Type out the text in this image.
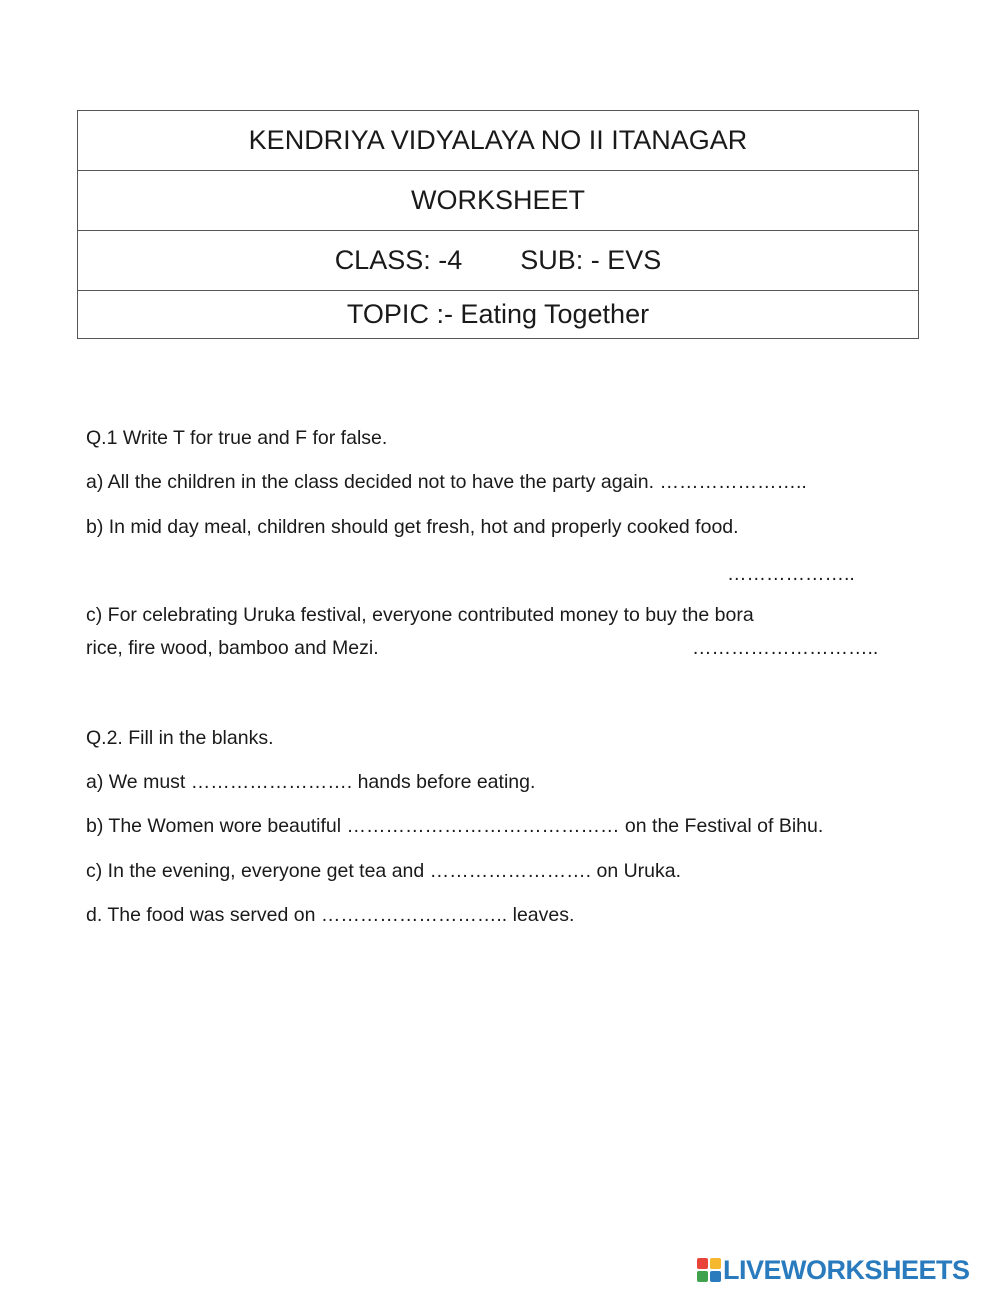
KENDRIYA VIDYALAYA NO II ITANAGAR
WORKSHEET
CLASS: -4 SUB: - EVS
TOPIC :- Eating Together
Q.1 Write T for true and F for false.
a) All the children in the class decided not to have the party again. …………………..
b) In mid day meal, children should get fresh, hot and properly cooked food.
………………..
c) For celebrating Uruka festival, everyone contributed money to buy the bora
rice, fire wood, bamboo and Mezi.	………………………..
Q.2. Fill in the blanks.
a) We must ……………………. hands before eating.
b) The Women wore beautiful …………………………………… on the Festival of Bihu.
c) In the evening, everyone get tea and ……………………. on Uruka.
d. The food was served on ……………………….. leaves.
LIVEWORKSHEETS
